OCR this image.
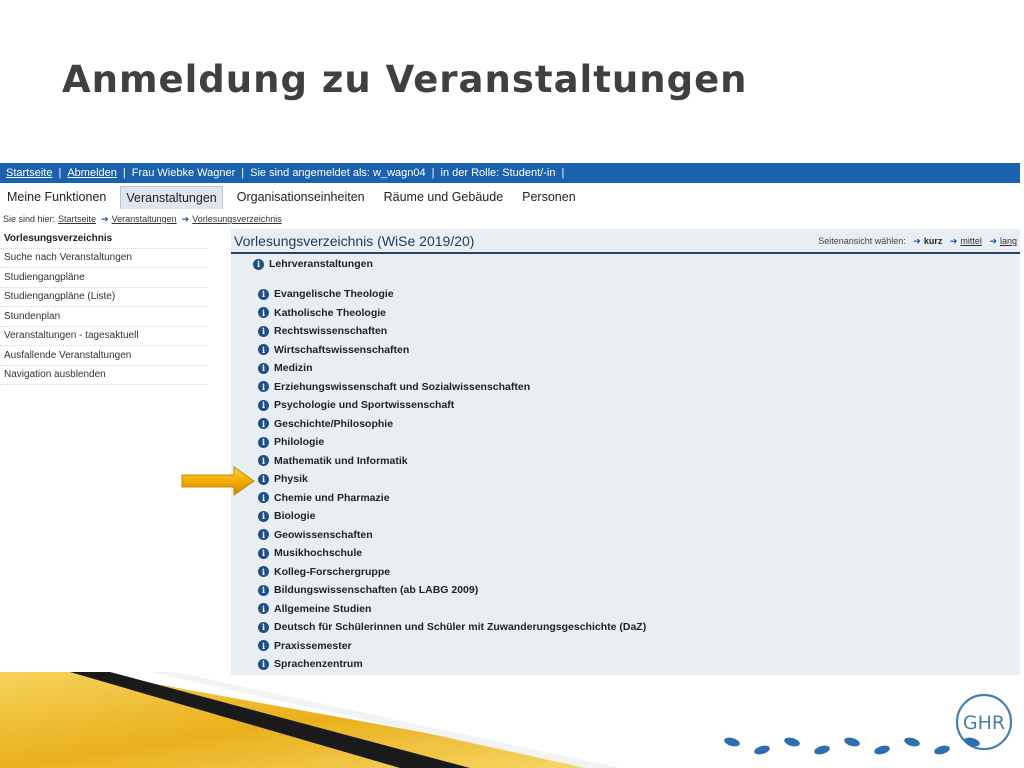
Anmeldung zu Veranstaltungen
Startseite | Abmelden | Frau Wiebke Wagner | Sie sind angemeldet als: w_wagn04 | in der Rolle: Student/-in |
Meine Funktionen	Veranstaltungen	Organisationseinheiten	Räume und Gebäude	Personen
Sie sind hier: Startseite ➔ Veranstaltungen ➔ Vorlesungsverzeichnis
Vorlesungsverzeichnis
Suche nach Veranstaltungen
Studiengangpläne
Studiengangpläne (Liste)
Stundenplan
Veranstaltungen - tagesaktuell
Ausfallende Veranstaltungen
Navigation ausblenden
Vorlesungsverzeichnis (WiSe 2019/20)	Seitenansicht wählen: ➔ kurz ➔ mittel ➔ lang
i Lehrveranstaltungen
i Evangelische Theologie
i Katholische Theologie
i Rechtswissenschaften
i Wirtschaftswissenschaften
i Medizin
i Erziehungswissenschaft und Sozialwissenschaften
i Psychologie und Sportwissenschaft
i Geschichte/Philosophie
i Philologie
i Mathematik und Informatik
i Physik
i Chemie und Pharmazie
i Biologie
i Geowissenschaften
i Musikhochschule
i Kolleg-Forschergruppe
i Bildungswissenschaften (ab LABG 2009)
i Allgemeine Studien
i Deutsch für Schülerinnen und Schüler mit Zuwanderungsgeschichte (DaZ)
i Praxissemester
i Sprachenzentrum
GHR
